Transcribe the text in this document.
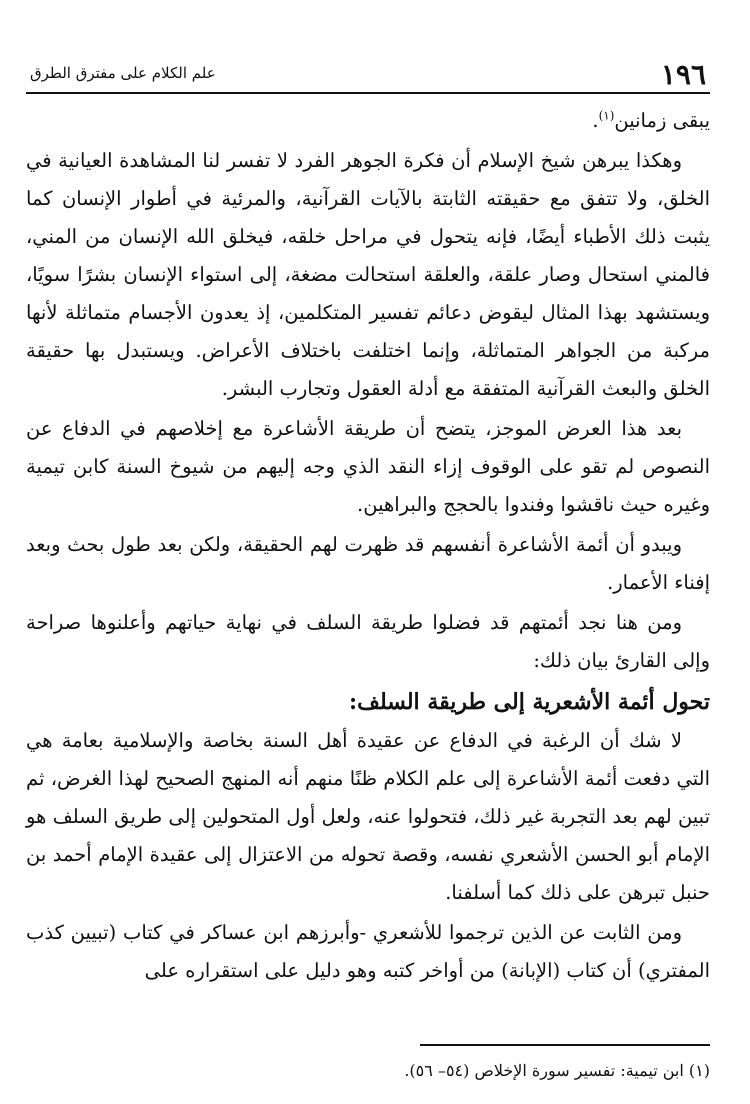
١٩٦
علم الكلام على مفترق الطرق

يبقى زمانين$^{(١)}$.

وهكذا يبرهن شيخ الإسلام أن فكرة الجوهر الفرد لا تفسر لنا المشاهدة العيانية في الخلق، ولا تتفق مع حقيقته الثابتة بالآيات القرآنية، والمرئية في أطوار الإنسان كما يثبت ذلك الأطباء أيضًا، فإنه يتحول في مراحل خلقه، فيخلق الله الإنسان من المني، فالمني استحال وصار علقة، والعلقة استحالت مضغة، إلى استواء الإنسان بشرًا سويًا، ويستشهد بهذا المثال ليقوض دعائم تفسير المتكلمين، إذ يعدون الأجسام متماثلة لأنها مركبة من الجواهر المتماثلة، وإنما اختلفت باختلاف الأعراض. ويستبدل بها حقيقة الخلق والبعث القرآنية المتفقة مع أدلة العقول وتجارب البشر.

بعد هذا العرض الموجز، يتضح أن طريقة الأشاعرة مع إخلاصهم في الدفاع عن النصوص لم تقو على الوقوف إزاء النقد الذي وجه إليهم من شيوخ السنة كابن تيمية وغيره حيث ناقشوا وفندوا بالحجج والبراهين.

ويبدو أن أئمة الأشاعرة أنفسهم قد ظهرت لهم الحقيقة، ولكن بعد طول بحث وبعد إفناء الأعمار.

ومن هنا نجد أئمتهم قد فضلوا طريقة السلف في نهاية حياتهم وأعلنوها صراحة وإلى القارئ بيان ذلك:

تحول أئمة الأشعرية إلى طريقة السلف:

لا شك أن الرغبة في الدفاع عن عقيدة أهل السنة بخاصة والإسلامية بعامة هي التي دفعت أئمة الأشاعرة إلى علم الكلام ظنًا منهم أنه المنهج الصحيح لهذا الغرض، ثم تبين لهم بعد التجربة غير ذلك، فتحولوا عنه، ولعل أول المتحولين إلى طريق السلف هو الإمام أبو الحسن الأشعري نفسه، وقصة تحوله من الاعتزال إلى عقيدة الإمام أحمد بن حنبل تبرهن على ذلك كما أسلفنا.

ومن الثابت عن الذين ترجموا للأشعري -وأبرزهم ابن عساكر في كتاب (تبيين كذب المفتري) أن كتاب (الإبانة) من أواخر كتبه وهو دليل على استقراره على

(١) ابن تيمية: تفسير سورة الإخلاص (٥٤– ٥٦).
